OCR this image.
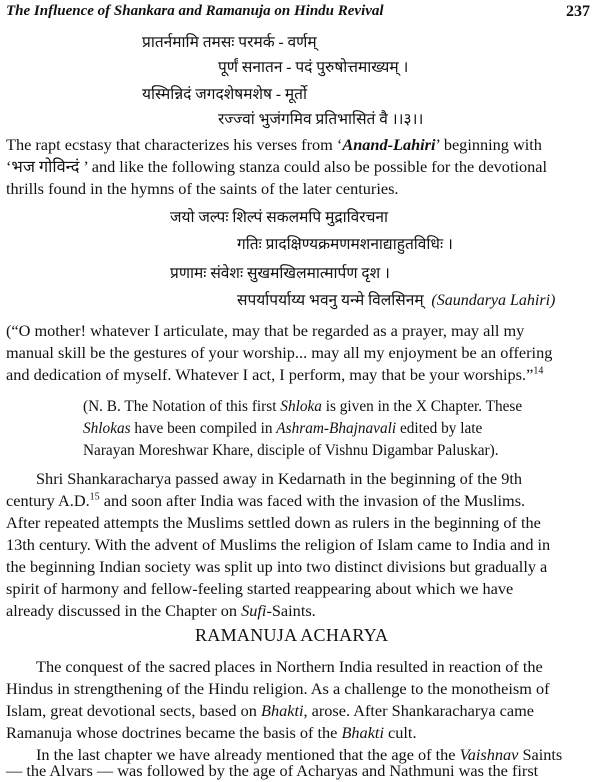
The Influence of Shankara and Ramanuja on Hindu Revival	237
प्रातर्नमामि तमसः परमर्क - वर्णम्
पूर्णं सनातन - पदं पुरुषोत्तमाख्यम् ।
यस्मिन्निदं जगदशेषमशेष - मूर्तो
रज्ज्वां भुजंगमिव प्रतिभासितं वै ।।३।।
The rapt ecstasy that characterizes his verses from ‘Anand-Lahiri’ beginning with
‘भज गोविन्दं ’ and like the following stanza could also be possible for the devotional
thrills found in the hymns of the saints of the later centuries.
जयो जल्पः शिल्पं सकलमपि मुद्राविरचना
गतिः प्रादक्षिण्यक्रमणमशनाद्याहुतविधिः ।
प्रणामः संवेशः सुखमखिलमात्मार्पण दृश ।
सपर्यापर्याय्य भवनु यन्मे विलसिनम् (Saundarya Lahiri)
(“O mother! whatever I articulate, may that be regarded as a prayer, may all my
manual skill be the gestures of your worship... may all my enjoyment be an offering
and dedication of myself. Whatever I act, I perform, may that be your worships.”$^{14}$
(N. B. The Notation of this first Shloka is given in the X Chapter. These
Shlokas have been compiled in Ashram-Bhajnavali edited by late
Narayan Moreshwar Khare, disciple of Vishnu Digambar Paluskar).
Shri Shankaracharya passed away in Kedarnath in the beginning of the 9th
century A.D.$^{15}$ and soon after India was faced with the invasion of the Muslims.
After repeated attempts the Muslims settled down as rulers in the beginning of the
13th century. With the advent of Muslims the religion of Islam came to India and in
the beginning Indian society was split up into two distinct divisions but gradually a
spirit of harmony and fellow-feeling started reappearing about which we have
already discussed in the Chapter on Sufi-Saints.
RAMANUJA ACHARYA
The conquest of the sacred places in Northern India resulted in reaction of the
Hindus in strengthening of the Hindu religion. As a challenge to the monotheism of
Islam, great devotional sects, based on Bhakti, arose. After Shankaracharya came
Ramanuja whose doctrines became the basis of the Bhakti cult.
In the last chapter we have already mentioned that the age of the Vaishnav Saints
— the Alvars — was followed by the age of Acharyas and Nathmuni was the first
